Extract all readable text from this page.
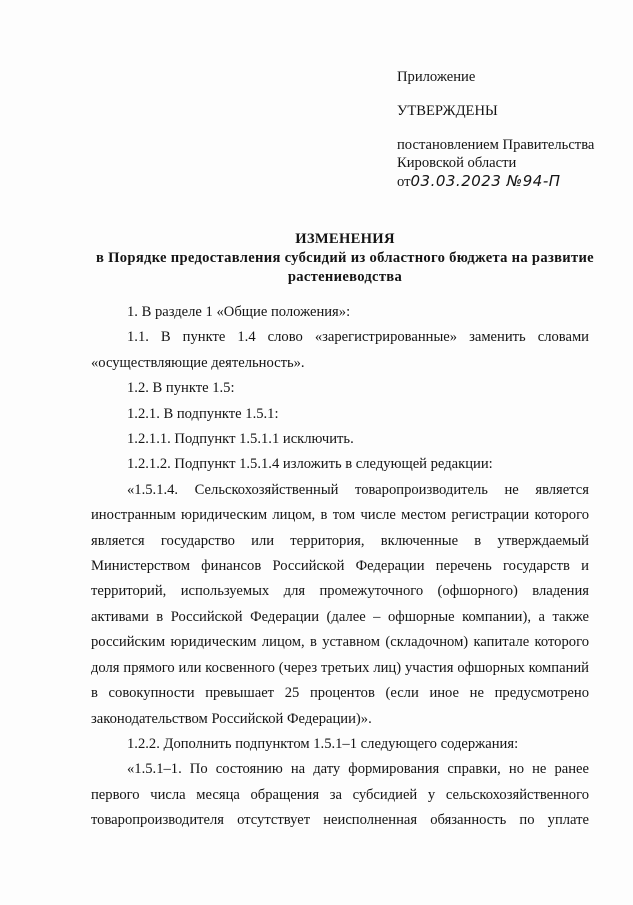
Приложение
УТВЕРЖДЕНЫ
постановлением Правительства
Кировской области
от03.03.2023 №94-П
ИЗМЕНЕНИЯ
в Порядке предоставления субсидий из областного бюджета на развитие
растениеводства

1. В разделе 1 «Общие положения»:

1.1. В пункте 1.4 слово «зарегистрированные» заменить словами «осуществляющие деятельность».

1.2. В пункте 1.5:

1.2.1. В подпункте 1.5.1:

1.2.1.1. Подпункт 1.5.1.1 исключить.

1.2.1.2. Подпункт 1.5.1.4 изложить в следующей редакции:

«1.5.1.4. Сельскохозяйственный товаропроизводитель не является иностранным юридическим лицом, в том числе местом регистрации которого является государство или территория, включенные в утверждаемый Министерством финансов Российской Федерации перечень государств и территорий, используемых для промежуточного (офшорного) владения активами в Российской Федерации (далее – офшорные компании), а также российским юридическим лицом, в уставном (складочном) капитале которого доля прямого или косвенного (через третьих лиц) участия офшорных компаний в совокупности превышает 25 процентов (если иное не предусмотрено законодательством Российской Федерации)».

1.2.2. Дополнить подпунктом 1.5.1–1 следующего содержания:

«1.5.1–1. По состоянию на дату формирования справки, но не ранее первого числа месяца обращения за субсидией у сельскохозяйственного товаропроизводителя отсутствует неисполненная обязанность по уплате
